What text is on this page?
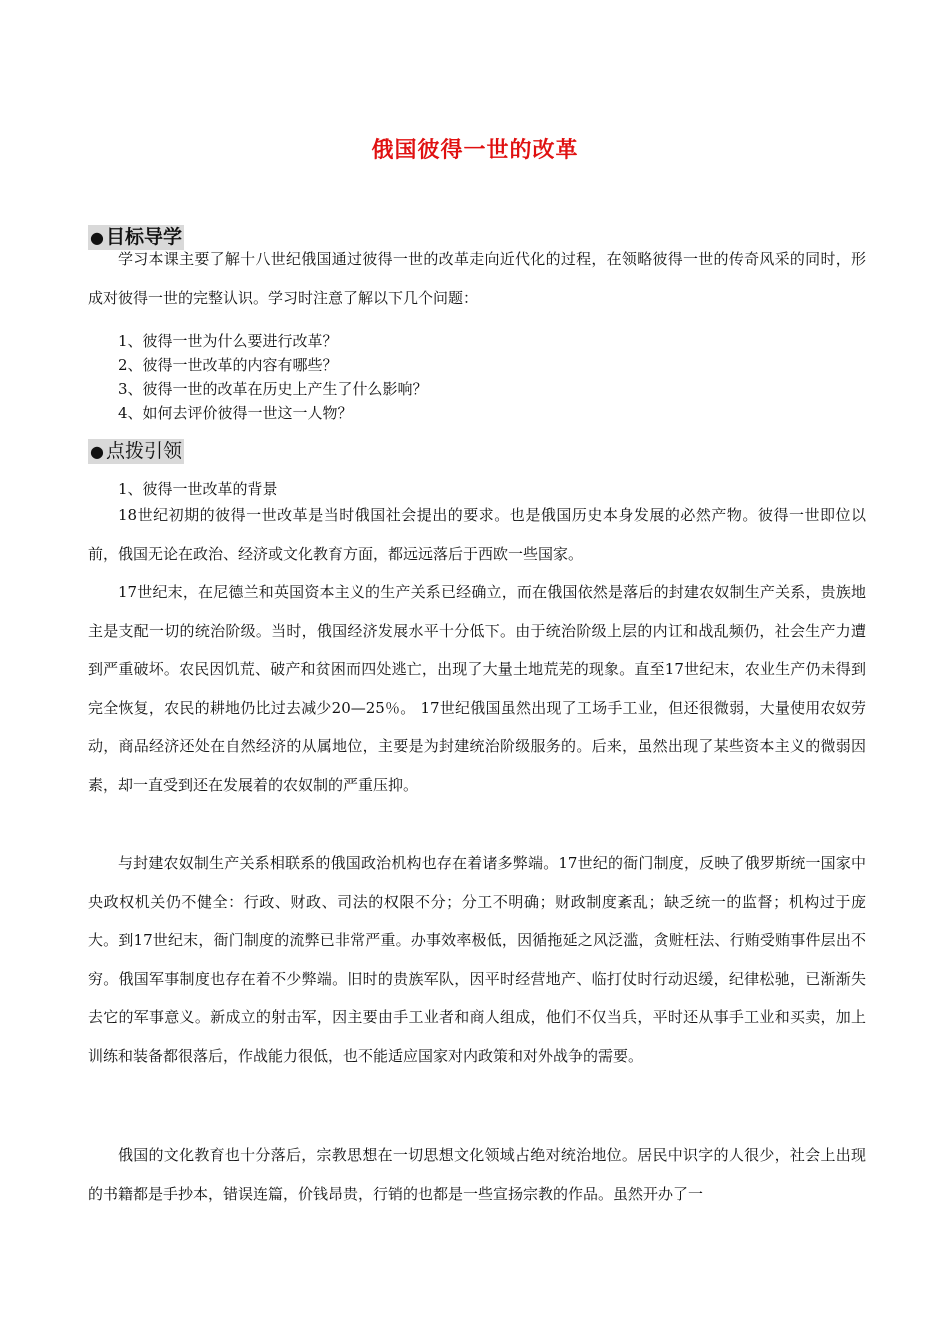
俄国彼得一世的改革
● 目标导学

学习本课主要了解十八世纪俄国通过彼得一世的改革走向近代化的过程，在领略彼得一世的传奇风采的同时，形成对彼得一世的完整认识。学习时注意了解以下几个问题：

1、彼得一世为什么要进行改革？

2、彼得一世改革的内容有哪些？

3、彼得一世的改革在历史上产生了什么影响？

4、如何去评价彼得一世这一人物？

● 点拨引领

1、彼得一世改革的背景

18世纪初期的彼得一世改革是当时俄国社会提出的要求。也是俄国历史本身发展的必然产物。彼得一世即位以前，俄国无论在政治、经济或文化教育方面，都远远落后于西欧一些国家。

17世纪末，在尼德兰和英国资本主义的生产关系已经确立，而在俄国依然是落后的封建农奴制生产关系，贵族地主是支配一切的统治阶级。当时，俄国经济发展水平十分低下。由于统治阶级上层的内讧和战乱频仍，社会生产力遭到严重破坏。农民因饥荒、破产和贫困而四处逃亡，出现了大量土地荒芜的现象。直至17世纪末，农业生产仍未得到完全恢复，农民的耕地仍比过去减少20—25％。 17世纪俄国虽然出现了工场手工业，但还很微弱，大量使用农奴劳动，商品经济还处在自然经济的从属地位，主要是为封建统治阶级服务的。后来，虽然出现了某些资本主义的微弱因素，却一直受到还在发展着的农奴制的严重压抑。

与封建农奴制生产关系相联系的俄国政治机构也存在着诸多弊端。17世纪的衙门制度，反映了俄罗斯统一国家中央政权机关仍不健全：行政、财政、司法的权限不分；分工不明确；财政制度紊乱；缺乏统一的监督；机构过于庞大。到17世纪末，衙门制度的流弊已非常严重。办事效率极低，因循拖延之风泛滥，贪赃枉法、行贿受贿事件层出不穷。俄国军事制度也存在着不少弊端。旧时的贵族军队，因平时经营地产、临打仗时行动迟缓，纪律松驰，已渐渐失去它的军事意义。新成立的射击军，因主要由手工业者和商人组成，他们不仅当兵，平时还从事手工业和买卖，加上训练和装备都很落后，作战能力很低，也不能适应国家对内政策和对外战争的需要。

俄国的文化教育也十分落后，宗教思想在一切思想文化领域占绝对统治地位。居民中识字的人很少，社会上出现的书籍都是手抄本，错误连篇，价钱昂贵，行销的也都是一些宣扬宗教的作品。虽然开办了一
